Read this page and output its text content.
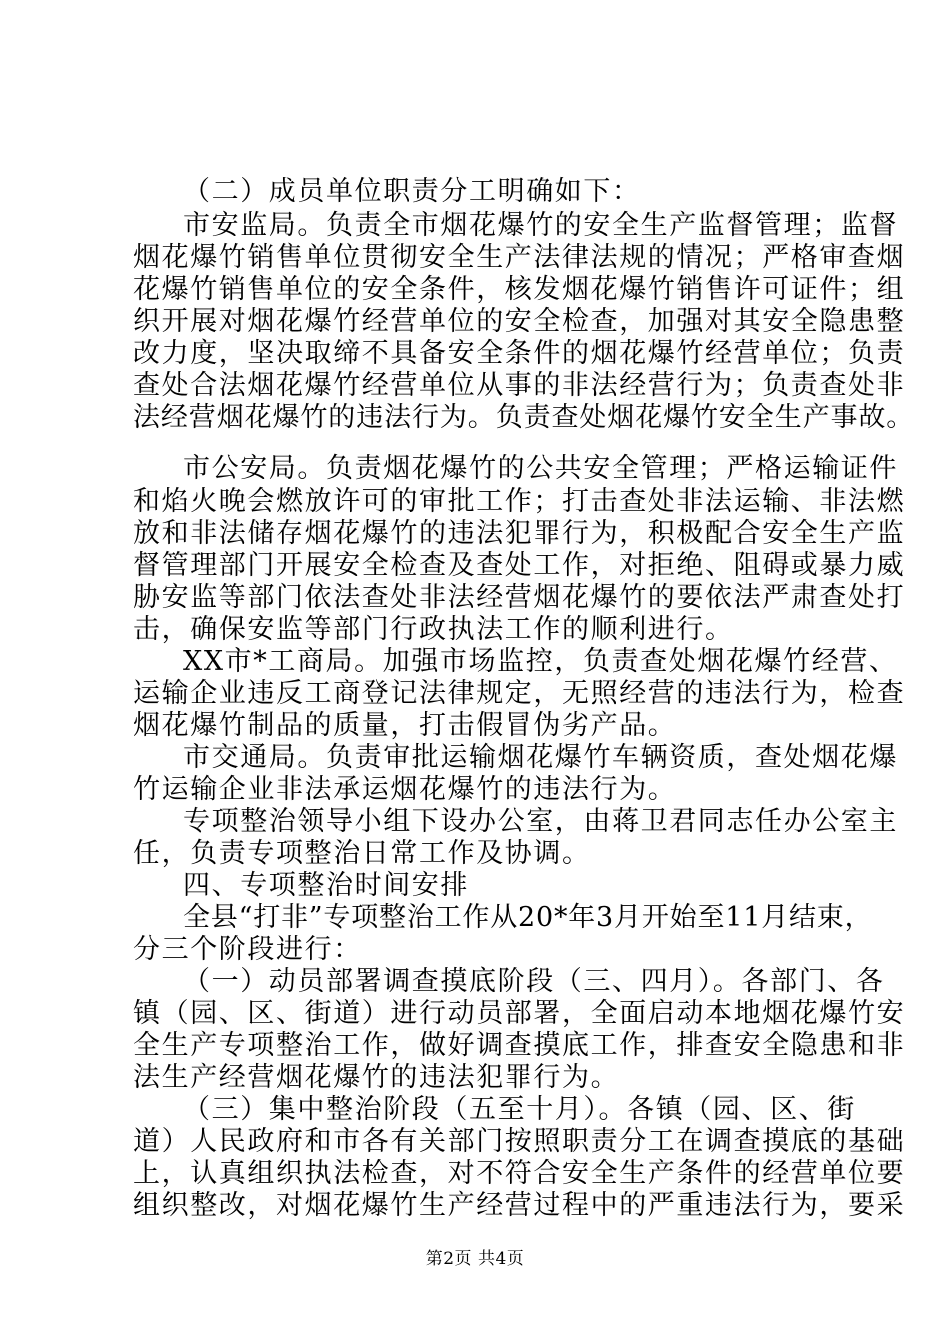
（二）成员单位职责分工明确如下：
市安监局。负责全市烟花爆竹的安全生产监督管理；监督
烟花爆竹销售单位贯彻安全生产法律法规的情况；严格审查烟
花爆竹销售单位的安全条件，核发烟花爆竹销售许可证件；组
织开展对烟花爆竹经营单位的安全检查，加强对其安全隐患整
改力度，坚决取缔不具备安全条件的烟花爆竹经营单位；负责
查处合法烟花爆竹经营单位从事的非法经营行为；负责查处非
法经营烟花爆竹的违法行为。负责查处烟花爆竹安全生产事故。
市公安局。负责烟花爆竹的公共安全管理；严格运输证件
和焰火晚会燃放许可的审批工作；打击查处非法运输、非法燃
放和非法储存烟花爆竹的违法犯罪行为，积极配合安全生产监
督管理部门开展安全检查及查处工作，对拒绝、阻碍或暴力威
胁安监等部门依法查处非法经营烟花爆竹的要依法严肃查处打
击，确保安监等部门行政执法工作的顺利进行。
XX市*工商局。加强市场监控，负责查处烟花爆竹经营、
运输企业违反工商登记法律规定，无照经营的违法行为，检查
烟花爆竹制品的质量，打击假冒伪劣产品。
市交通局。负责审批运输烟花爆竹车辆资质，查处烟花爆
竹运输企业非法承运烟花爆竹的违法行为。
专项整治领导小组下设办公室，由蒋卫君同志任办公室主
任，负责专项整治日常工作及协调。
四、专项整治时间安排
全县“打非”专项整治工作从20*年3月开始至11月结束，
分三个阶段进行：
（一）动员部署调查摸底阶段（三、四月）。各部门、各
镇（园、区、街道）进行动员部署，全面启动本地烟花爆竹安
全生产专项整治工作，做好调查摸底工作，排查安全隐患和非
法生产经营烟花爆竹的违法犯罪行为。
（三）集中整治阶段（五至十月）。各镇（园、区、街
道）人民政府和市各有关部门按照职责分工在调查摸底的基础
上，认真组织执法检查，对不符合安全生产条件的经营单位要
组织整改，对烟花爆竹生产经营过程中的严重违法行为，要采
第2页 共4页
